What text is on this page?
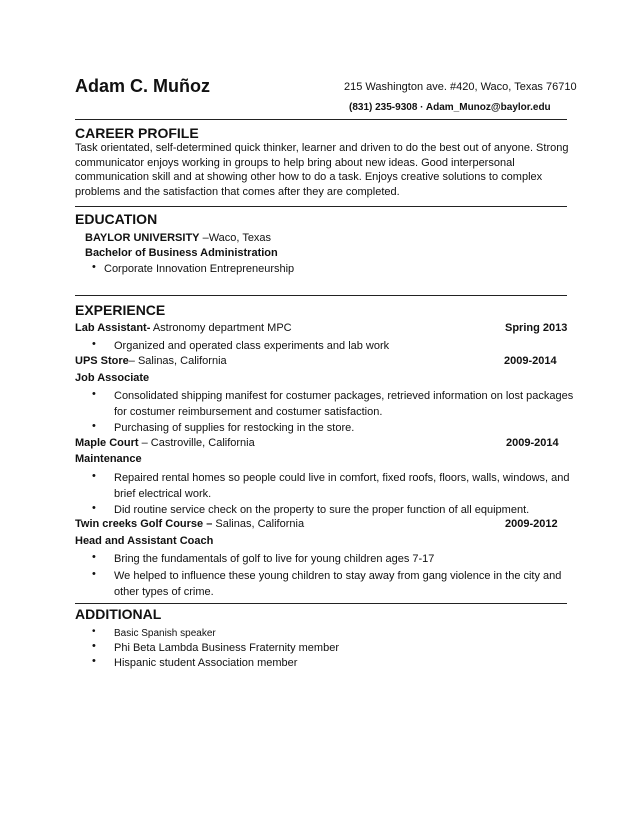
Adam C. Muñoz	215 Washington ave. #420, Waco, Texas 76710
(831) 235-9308 · Adam_Munoz@baylor.edu
CAREER PROFILE
Task orientated, self-determined quick thinker, learner and driven to do the best out of anyone. Strong
communicator enjoys working in groups to help bring about new ideas. Good interpersonal
communication skill and at showing other how to do a task. Enjoys creative solutions to complex
problems and the satisfaction that comes after they are completed.
EDUCATION
BAYLOR UNIVERSITY –Waco, Texas
Bachelor of Business Administration
• Corporate Innovation Entrepreneurship
EXPERIENCE
Lab Assistant- Astronomy department MPC	Spring 2013
• Organized and operated class experiments and lab work
UPS Store– Salinas, California	2009-2014
Job Associate
• Consolidated shipping manifest for costumer packages, retrieved information on lost packages
for costumer reimbursement and costumer satisfaction.
• Purchasing of supplies for restocking in the store.
Maple Court – Castroville, California	2009-2014
Maintenance
• Repaired rental homes so people could live in comfort, fixed roofs, floors, walls, windows, and
brief electrical work.
• Did routine service check on the property to sure the proper function of all equipment.
Twin creeks Golf Course – Salinas, California	2009-2012
Head and Assistant Coach
• Bring the fundamentals of golf to live for young children ages 7-17
• We helped to influence these young children to stay away from gang violence in the city and
other types of crime.
ADDITIONAL
• Basic Spanish speaker
• Phi Beta Lambda Business Fraternity member
• Hispanic student Association member
